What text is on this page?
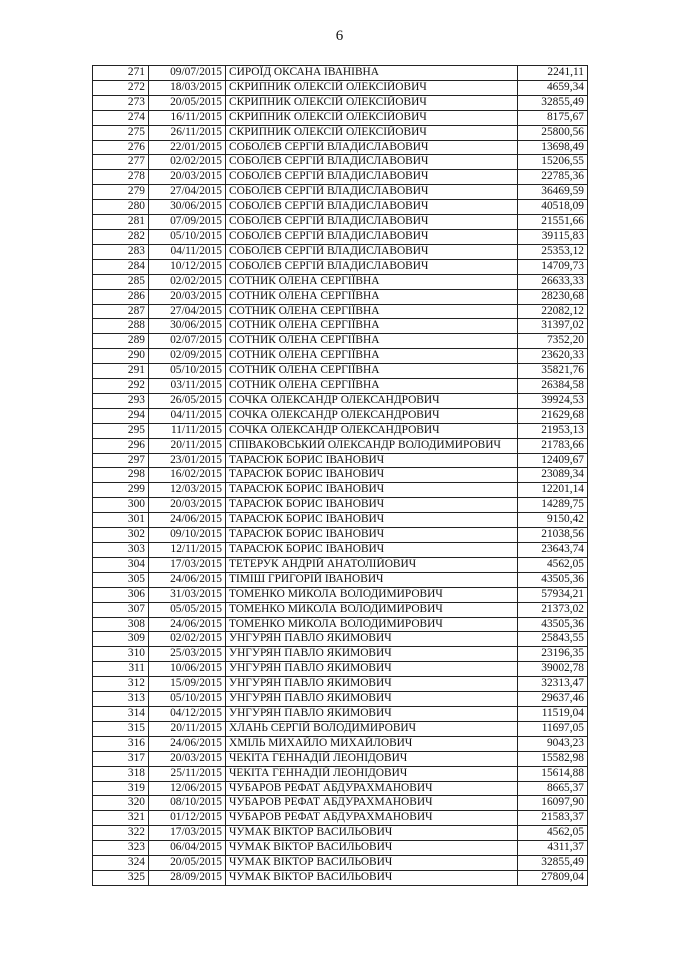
6
271	09/07/2015	СИРОЇД ОКСАНА ІВАНІВНА	2241,11
272	18/03/2015	СКРИПНИК ОЛЕКСІЙ ОЛЕКСІЙОВИЧ	4659,34
273	20/05/2015	СКРИПНИК ОЛЕКСІЙ ОЛЕКСІЙОВИЧ	32855,49
274	16/11/2015	СКРИПНИК ОЛЕКСІЙ ОЛЕКСІЙОВИЧ	8175,67
275	26/11/2015	СКРИПНИК ОЛЕКСІЙ ОЛЕКСІЙОВИЧ	25800,56
276	22/01/2015	СОБОЛЄВ СЕРГІЙ ВЛАДИСЛАВОВИЧ	13698,49
277	02/02/2015	СОБОЛЄВ СЕРГІЙ ВЛАДИСЛАВОВИЧ	15206,55
278	20/03/2015	СОБОЛЄВ СЕРГІЙ ВЛАДИСЛАВОВИЧ	22785,36
279	27/04/2015	СОБОЛЄВ СЕРГІЙ ВЛАДИСЛАВОВИЧ	36469,59
280	30/06/2015	СОБОЛЄВ СЕРГІЙ ВЛАДИСЛАВОВИЧ	40518,09
281	07/09/2015	СОБОЛЄВ СЕРГІЙ ВЛАДИСЛАВОВИЧ	21551,66
282	05/10/2015	СОБОЛЄВ СЕРГІЙ ВЛАДИСЛАВОВИЧ	39115,83
283	04/11/2015	СОБОЛЄВ СЕРГІЙ ВЛАДИСЛАВОВИЧ	25353,12
284	10/12/2015	СОБОЛЄВ СЕРГІЙ ВЛАДИСЛАВОВИЧ	14709,73
285	02/02/2015	СОТНИК ОЛЕНА СЕРГІЇВНА	26633,33
286	20/03/2015	СОТНИК ОЛЕНА СЕРГІЇВНА	28230,68
287	27/04/2015	СОТНИК ОЛЕНА СЕРГІЇВНА	22082,12
288	30/06/2015	СОТНИК ОЛЕНА СЕРГІЇВНА	31397,02
289	02/07/2015	СОТНИК ОЛЕНА СЕРГІЇВНА	7352,20
290	02/09/2015	СОТНИК ОЛЕНА СЕРГІЇВНА	23620,33
291	05/10/2015	СОТНИК ОЛЕНА СЕРГІЇВНА	35821,76
292	03/11/2015	СОТНИК ОЛЕНА СЕРГІЇВНА	26384,58
293	26/05/2015	СОЧКА ОЛЕКСАНДР ОЛЕКСАНДРОВИЧ	39924,53
294	04/11/2015	СОЧКА ОЛЕКСАНДР ОЛЕКСАНДРОВИЧ	21629,68
295	11/11/2015	СОЧКА ОЛЕКСАНДР ОЛЕКСАНДРОВИЧ	21953,13
296	20/11/2015	СПІВАКОВСЬКИЙ ОЛЕКСАНДР ВОЛОДИМИРОВИЧ	21783,66
297	23/01/2015	ТАРАСЮК БОРИС ІВАНОВИЧ	12409,67
298	16/02/2015	ТАРАСЮК БОРИС ІВАНОВИЧ	23089,34
299	12/03/2015	ТАРАСЮК БОРИС ІВАНОВИЧ	12201,14
300	20/03/2015	ТАРАСЮК БОРИС ІВАНОВИЧ	14289,75
301	24/06/2015	ТАРАСЮК БОРИС ІВАНОВИЧ	9150,42
302	09/10/2015	ТАРАСЮК БОРИС ІВАНОВИЧ	21038,56
303	12/11/2015	ТАРАСЮК БОРИС ІВАНОВИЧ	23643,74
304	17/03/2015	ТЕТЕРУК АНДРІЙ АНАТОЛІЙОВИЧ	4562,05
305	24/06/2015	ТІМІШ ГРИГОРІЙ ІВАНОВИЧ	43505,36
306	31/03/2015	ТОМЕНКО МИКОЛА ВОЛОДИМИРОВИЧ	57934,21
307	05/05/2015	ТОМЕНКО МИКОЛА ВОЛОДИМИРОВИЧ	21373,02
308	24/06/2015	ТОМЕНКО МИКОЛА ВОЛОДИМИРОВИЧ	43505,36
309	02/02/2015	УНГУРЯН ПАВЛО ЯКИМОВИЧ	25843,55
310	25/03/2015	УНГУРЯН ПАВЛО ЯКИМОВИЧ	23196,35
311	10/06/2015	УНГУРЯН ПАВЛО ЯКИМОВИЧ	39002,78
312	15/09/2015	УНГУРЯН ПАВЛО ЯКИМОВИЧ	32313,47
313	05/10/2015	УНГУРЯН ПАВЛО ЯКИМОВИЧ	29637,46
314	04/12/2015	УНГУРЯН ПАВЛО ЯКИМОВИЧ	11519,04
315	20/11/2015	ХЛАНЬ СЕРГІЙ ВОЛОДИМИРОВИЧ	11697,05
316	24/06/2015	ХМІЛЬ МИХАЙЛО МИХАЙЛОВИЧ	9043,23
317	20/03/2015	ЧЕКІТА ГЕННАДІЙ ЛЕОНІДОВИЧ	15582,98
318	25/11/2015	ЧЕКІТА ГЕННАДІЙ ЛЕОНІДОВИЧ	15614,88
319	12/06/2015	ЧУБАРОВ РЕФАТ АБДУРАХМАНОВИЧ	8665,37
320	08/10/2015	ЧУБАРОВ РЕФАТ АБДУРАХМАНОВИЧ	16097,90
321	01/12/2015	ЧУБАРОВ РЕФАТ АБДУРАХМАНОВИЧ	21583,37
322	17/03/2015	ЧУМАК ВІКТОР ВАСИЛЬОВИЧ	4562,05
323	06/04/2015	ЧУМАК ВІКТОР ВАСИЛЬОВИЧ	4311,37
324	20/05/2015	ЧУМАК ВІКТОР ВАСИЛЬОВИЧ	32855,49
325	28/09/2015	ЧУМАК ВІКТОР ВАСИЛЬОВИЧ	27809,04
